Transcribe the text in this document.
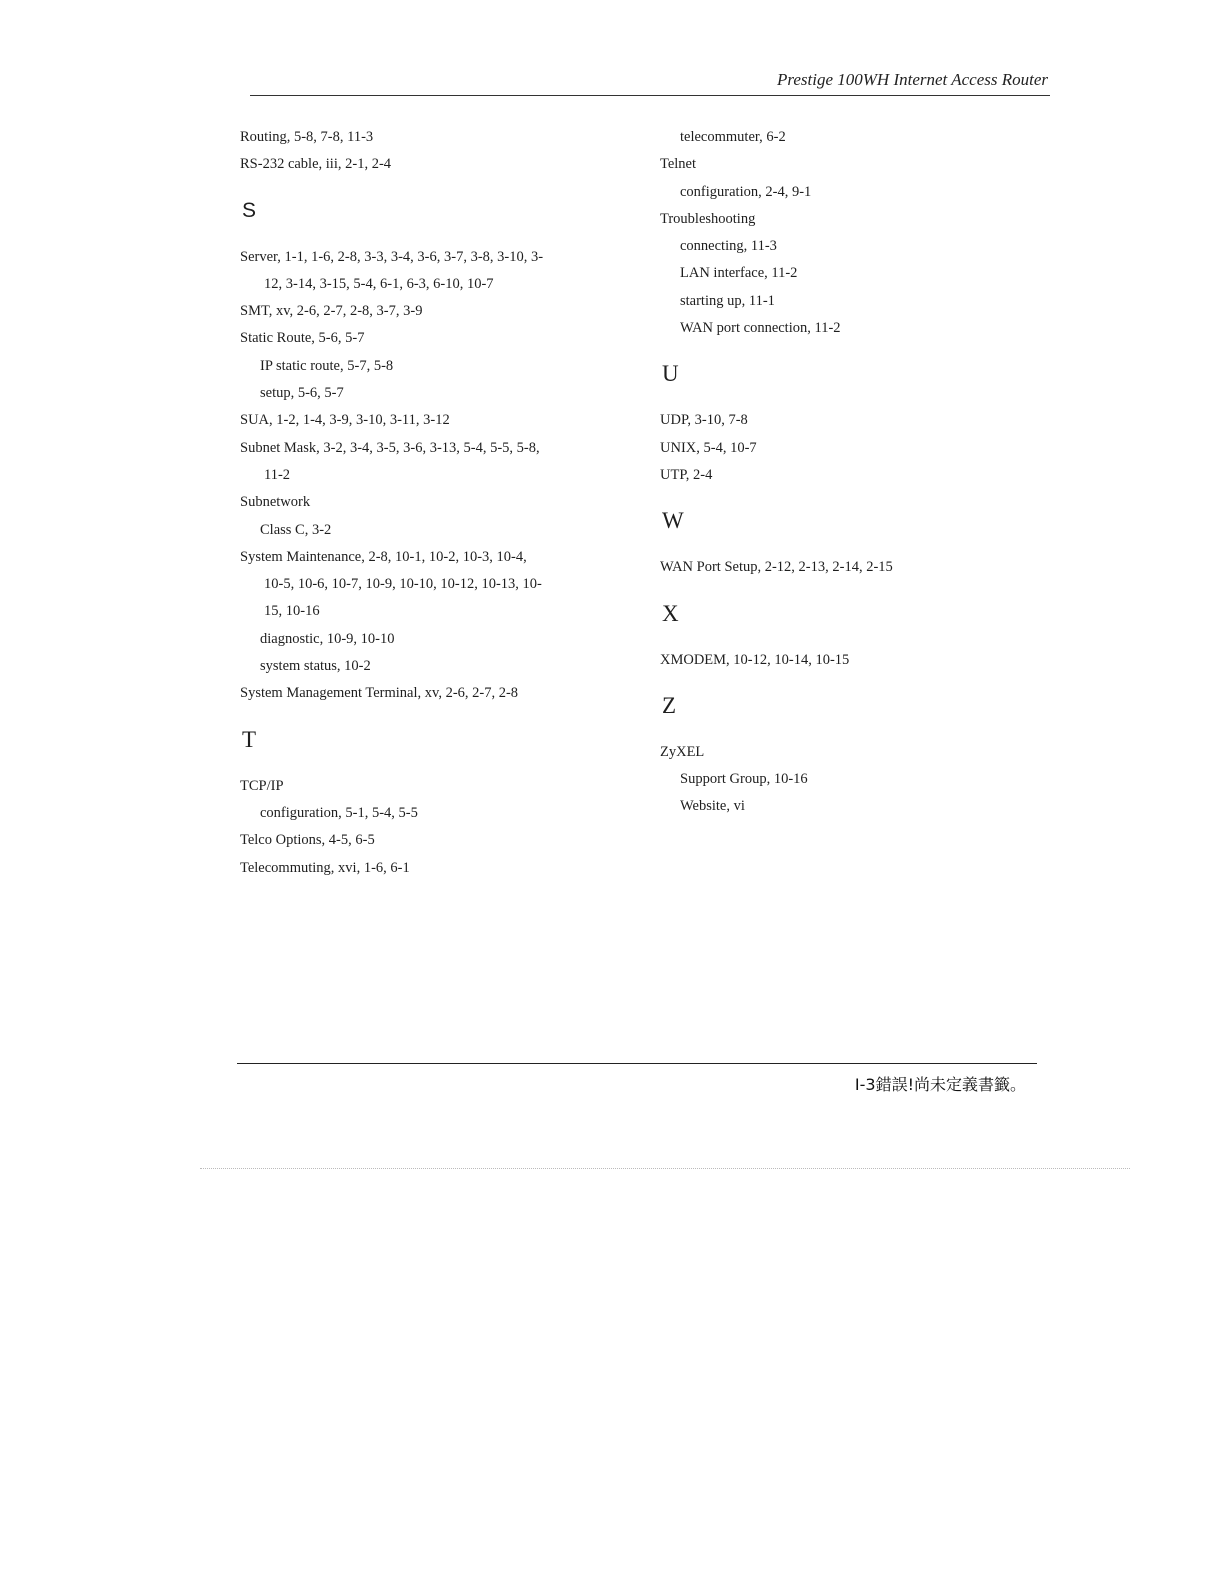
Prestige 100WH Internet Access Router
Routing, 5-8, 7-8, 11-3
RS-232 cable, iii, 2-1, 2-4
S
Server, 1-1, 1-6, 2-8, 3-3, 3-4, 3-6, 3-7, 3-8, 3-10, 3-
12, 3-14, 3-15, 5-4, 6-1, 6-3, 6-10, 10-7
SMT, xv, 2-6, 2-7, 2-8, 3-7, 3-9
Static Route, 5-6, 5-7
IP static route, 5-7, 5-8
setup, 5-6, 5-7
SUA, 1-2, 1-4, 3-9, 3-10, 3-11, 3-12
Subnet Mask, 3-2, 3-4, 3-5, 3-6, 3-13, 5-4, 5-5, 5-8,
11-2
Subnetwork
Class C, 3-2
System Maintenance, 2-8, 10-1, 10-2, 10-3, 10-4,
10-5, 10-6, 10-7, 10-9, 10-10, 10-12, 10-13, 10-
15, 10-16
diagnostic, 10-9, 10-10
system status, 10-2
System Management Terminal, xv, 2-6, 2-7, 2-8
T
TCP/IP
configuration, 5-1, 5-4, 5-5
Telco Options, 4-5, 6-5
Telecommuting, xvi, 1-6, 6-1
telecommuter, 6-2
Telnet
configuration, 2-4, 9-1
Troubleshooting
connecting, 11-3
LAN interface, 11-2
starting up, 11-1
WAN port connection, 11-2
U
UDP, 3-10, 7-8
UNIX, 5-4, 10-7
UTP, 2-4
W
WAN Port Setup, 2-12, 2-13, 2-14, 2-15
X
XMODEM, 10-12, 10-14, 10-15
Z
ZyXEL
Support Group, 10-16
Website, vi
I-3錯誤!尚未定義書籤。
